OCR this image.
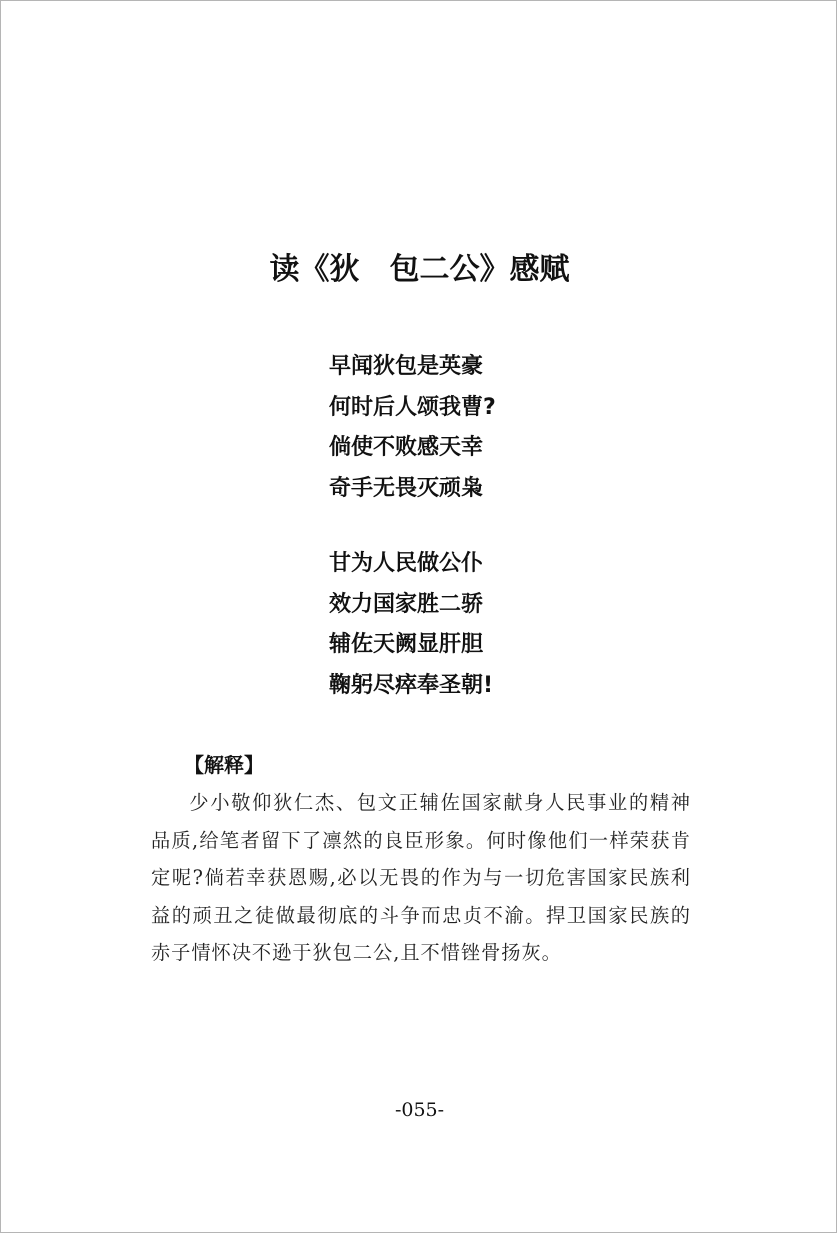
读《狄　包二公》感赋
早闻狄包是英豪
何时后人颂我曹?
倘使不败感天幸
奇手无畏灭顽枭
甘为人民做公仆
效力国家胜二骄
辅佐天阙显肝胆
鞠躬尽瘁奉圣朝!
【解释】
少小敬仰狄仁杰、包文正辅佐国家献身人民事业的精神品质,给笔者留下了凛然的良臣形象。何时像他们一样荣获肯定呢?倘若幸获恩赐,必以无畏的作为与一切危害国家民族利益的顽丑之徒做最彻底的斗争而忠贞不渝。捍卫国家民族的赤子情怀决不逊于狄包二公,且不惜锉骨扬灰。
-055-
